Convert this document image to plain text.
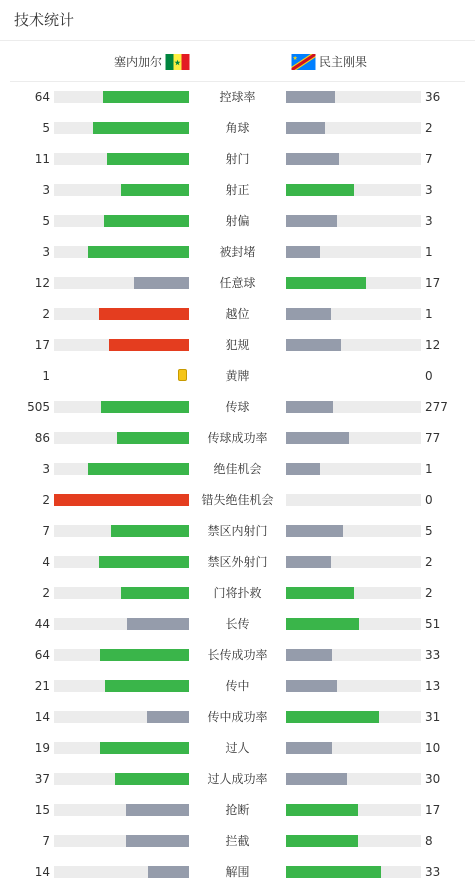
技术统计
塞内加尔	民主刚果
64	控球率	36
5	角球	2
11	射门	7
3	射正	3
5	射偏	3
3	被封堵	1
12	任意球	17
2	越位	1
17	犯规	12
1	黄牌	0
505	传球	277
86	传球成功率	77
3	绝佳机会	1
2	错失绝佳机会	0
7	禁区内射门	5
4	禁区外射门	2
2	门将扑救	2
44	长传	51
64	长传成功率	33
21	传中	13
14	传中成功率	31
19	过人	10
37	过人成功率	30
15	抢断	17
7	拦截	8
14	解围	33
